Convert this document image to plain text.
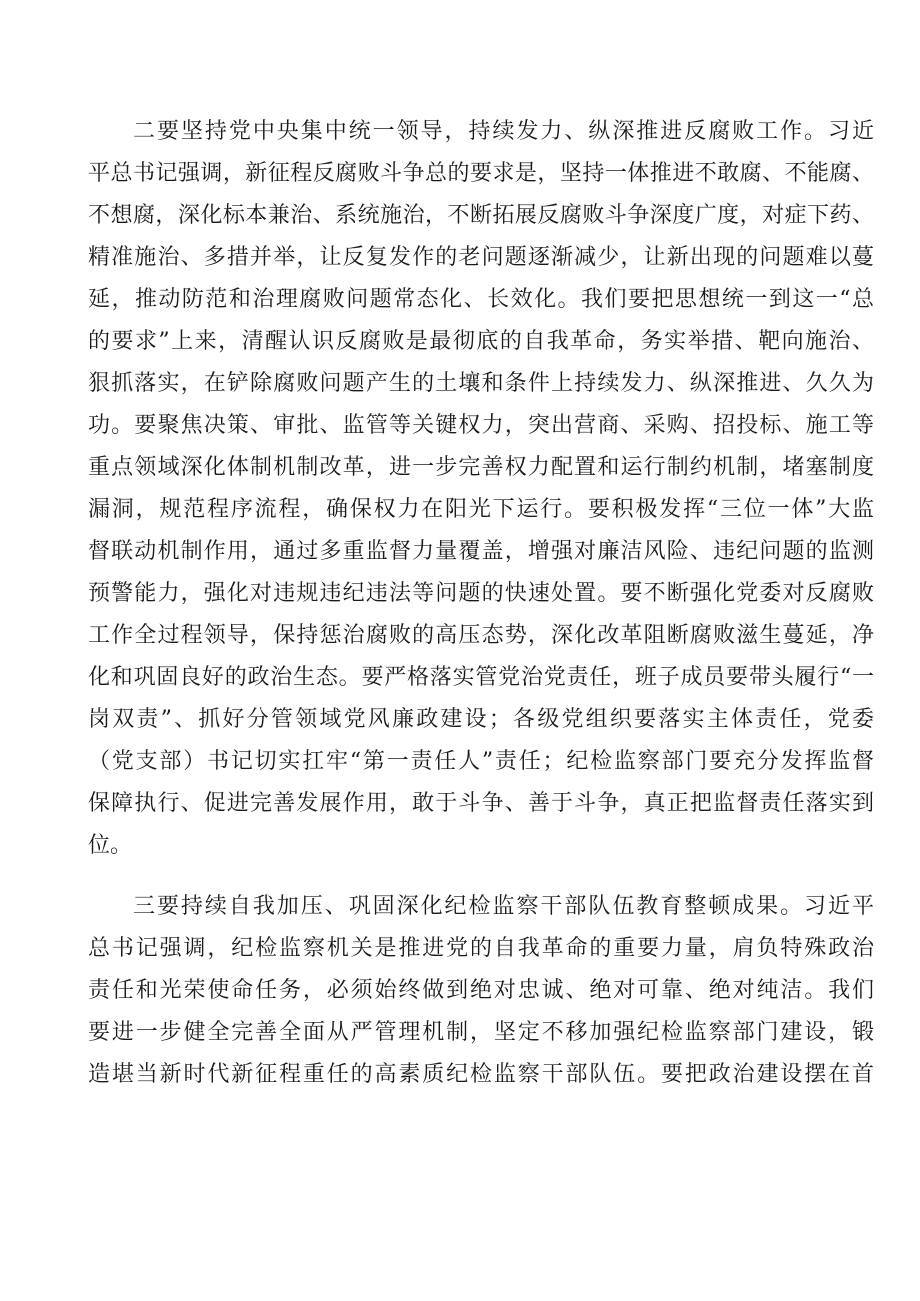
二要坚持党中央集中统一领导，持续发力、纵深推进反腐败工作。习近
平总书记强调，新征程反腐败斗争总的要求是，坚持一体推进不敢腐、不能腐、
不想腐，深化标本兼治、系统施治，不断拓展反腐败斗争深度广度，对症下药、
精准施治、多措并举，让反复发作的老问题逐渐减少，让新出现的问题难以蔓
延，推动防范和治理腐败问题常态化、长效化。我们要把思想统一到这一“总
的要求”上来，清醒认识反腐败是最彻底的自我革命，务实举措、靶向施治、
狠抓落实，在铲除腐败问题产生的土壤和条件上持续发力、纵深推进、久久为
功。要聚焦决策、审批、监管等关键权力，突出营商、采购、招投标、施工等
重点领域深化体制机制改革，进一步完善权力配置和运行制约机制，堵塞制度
漏洞，规范程序流程，确保权力在阳光下运行。要积极发挥“三位一体”大监
督联动机制作用，通过多重监督力量覆盖，增强对廉洁风险、违纪问题的监测
预警能力，强化对违规违纪违法等问题的快速处置。要不断强化党委对反腐败
工作全过程领导，保持惩治腐败的高压态势，深化改革阻断腐败滋生蔓延，净
化和巩固良好的政治生态。要严格落实管党治党责任，班子成员要带头履行“一
岗双责”、抓好分管领域党风廉政建设；各级党组织要落实主体责任，党委
（党支部）书记切实扛牢“第一责任人”责任；纪检监察部门要充分发挥监督
保障执行、促进完善发展作用，敢于斗争、善于斗争，真正把监督责任落实到
位。
三要持续自我加压、巩固深化纪检监察干部队伍教育整顿成果。习近平
总书记强调，纪检监察机关是推进党的自我革命的重要力量，肩负特殊政治
责任和光荣使命任务，必须始终做到绝对忠诚、绝对可靠、绝对纯洁。我们
要进一步健全完善全面从严管理机制，坚定不移加强纪检监察部门建设，锻
造堪当新时代新征程重任的高素质纪检监察干部队伍。要把政治建设摆在首
